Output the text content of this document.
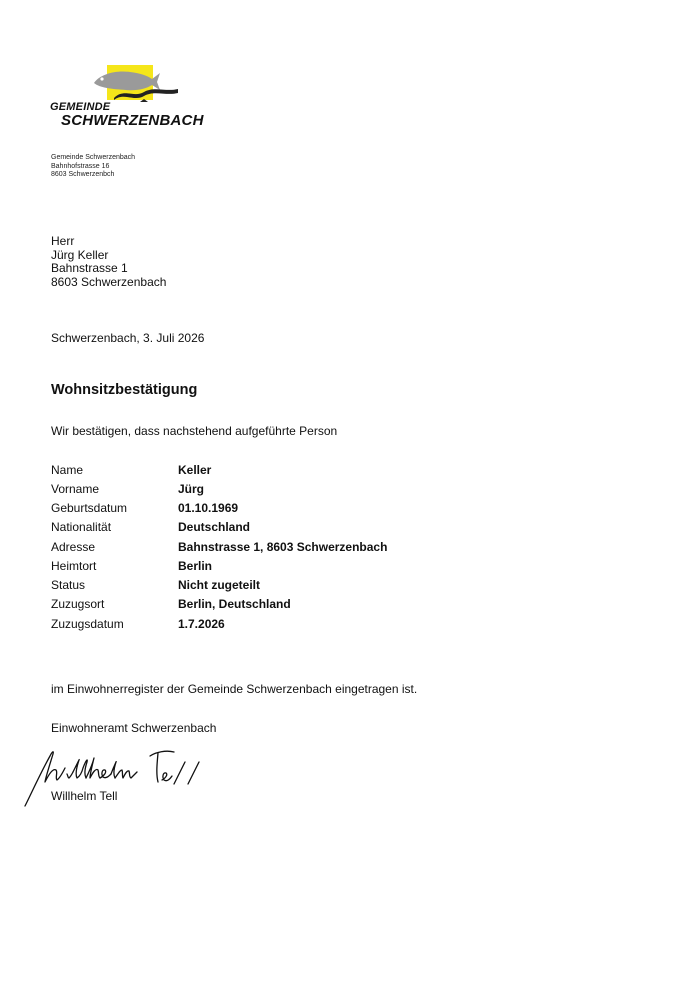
GEMEINDE
SCHWERZENBACH
Gemeinde Schwerzenbach
Bahnhofstrasse 16
8603 Schwerzenbch
Herr
Jürg Keller
Bahnstrasse 1
8603 Schwerzenbach
Schwerzenbach, 3. Juli 2026
Wohnsitzbestätigung
Wir bestätigen, dass nachstehend aufgeführte Person
Name	Keller
Vorname	Jürg
Geburtsdatum	01.10.1969
Nationalität	Deutschland
Adresse	Bahnstrasse 1, 8603 Schwerzenbach
Heimtort	Berlin
Status	Nicht zugeteilt
Zuzugsort	Berlin, Deutschland
Zuzugsdatum	1.7.2026
im Einwohnerregister der Gemeinde Schwerzenbach eingetragen ist.
Einwohneramt Schwerzenbach
Willhelm Tell
